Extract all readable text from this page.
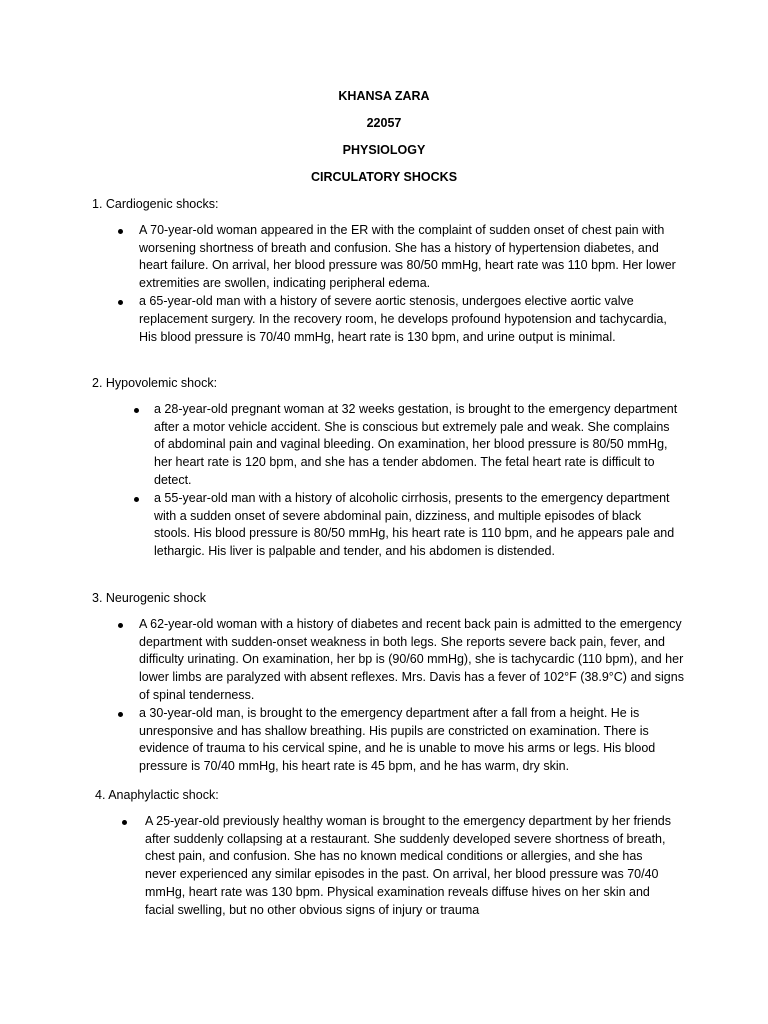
KHANSA ZARA
22057
PHYSIOLOGY
CIRCULATORY SHOCKS
1. Cardiogenic shocks:
A 70-year-old woman appeared in the ER with the complaint of sudden onset of chest pain with worsening shortness of breath and confusion. She has a history of hypertension diabetes, and heart failure. On arrival, her blood pressure was 80/50 mmHg, heart rate was 110 bpm. Her lower extremities are swollen, indicating peripheral edema.
a 65-year-old man with a history of severe aortic stenosis, undergoes elective aortic valve replacement surgery. In the recovery room, he develops profound hypotension and tachycardia, His blood pressure is 70/40 mmHg, heart rate is 130 bpm, and urine output is minimal.
2. Hypovolemic shock:
a 28-year-old pregnant woman at 32 weeks gestation, is brought to the emergency department after a motor vehicle accident. She is conscious but extremely pale and weak. She complains of abdominal pain and vaginal bleeding. On examination, her blood pressure is 80/50 mmHg, her heart rate is 120 bpm, and she has a tender abdomen. The fetal heart rate is difficult to detect.
a 55-year-old man with a history of alcoholic cirrhosis, presents to the emergency department with a sudden onset of severe abdominal pain, dizziness, and multiple episodes of black stools. His blood pressure is 80/50 mmHg, his heart rate is 110 bpm, and he appears pale and lethargic. His liver is palpable and tender, and his abdomen is distended.
3. Neurogenic shock
A 62-year-old woman with a history of diabetes and recent back pain is admitted to the emergency department with sudden-onset weakness in both legs. She reports severe back pain, fever, and difficulty urinating. On examination, her bp is (90/60 mmHg), she is tachycardic (110 bpm), and her lower limbs are paralyzed with absent reflexes. Mrs. Davis has a fever of 102°F (38.9°C) and signs of spinal tenderness.
a 30-year-old man, is brought to the emergency department after a fall from a height. He is unresponsive and has shallow breathing. His pupils are constricted on examination. There is evidence of trauma to his cervical spine, and he is unable to move his arms or legs. His blood pressure is 70/40 mmHg, his heart rate is 45 bpm, and he has warm, dry skin.
4. Anaphylactic shock:
A 25-year-old previously healthy woman is brought to the emergency department by her friends after suddenly collapsing at a restaurant. She suddenly developed severe shortness of breath, chest pain, and confusion. She has no known medical conditions or allergies, and she has never experienced any similar episodes in the past. On arrival, her blood pressure was 70/40 mmHg, heart rate was 130 bpm. Physical examination reveals diffuse hives on her skin and facial swelling, but no other obvious signs of injury or trauma
